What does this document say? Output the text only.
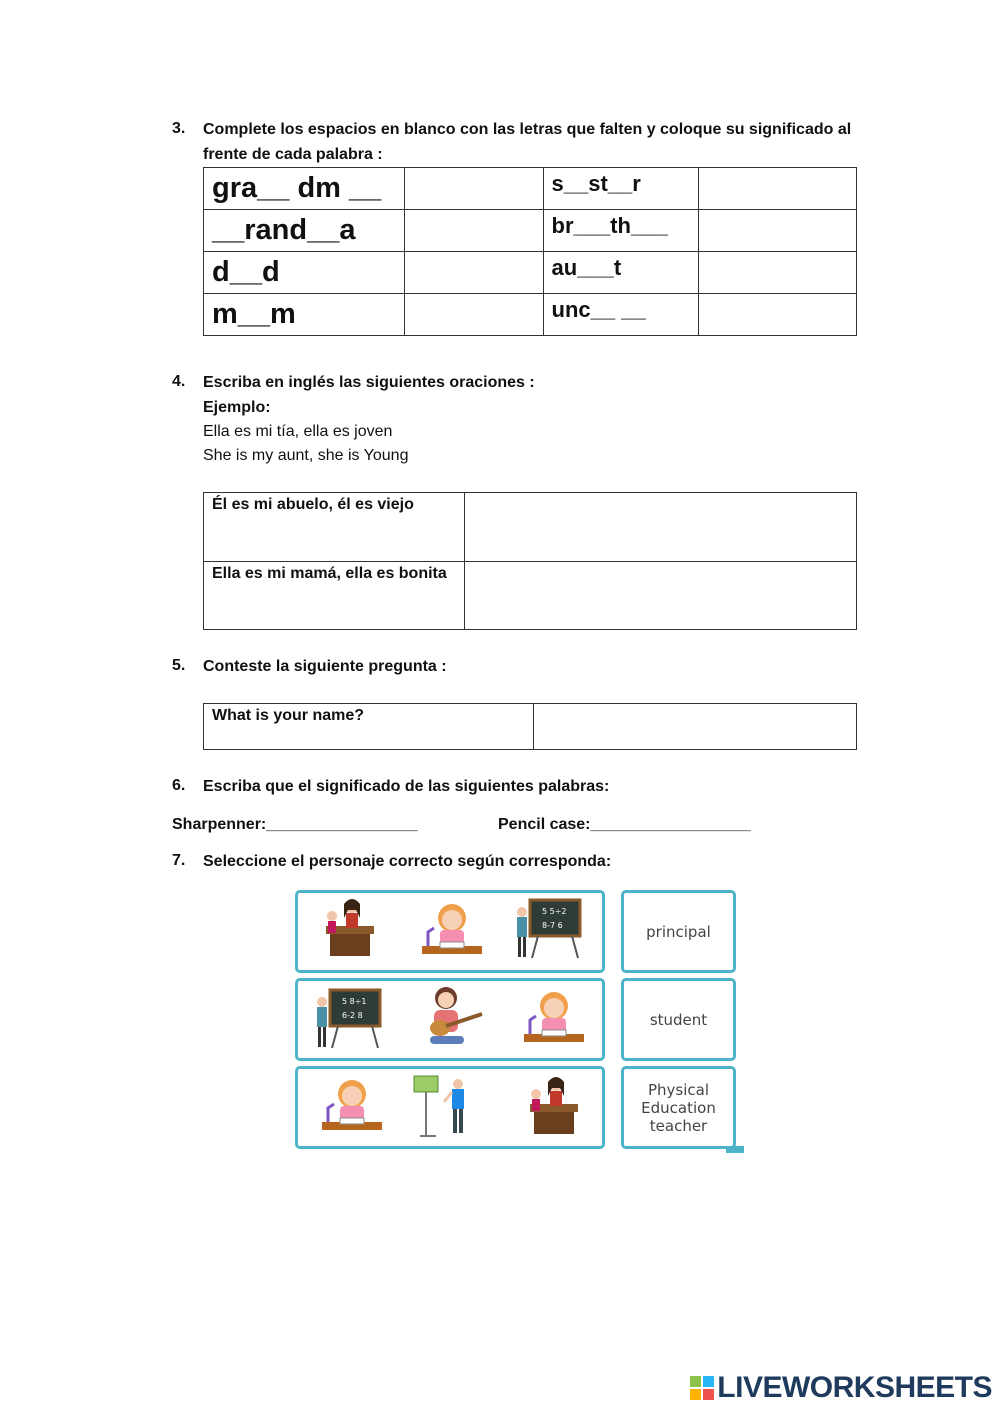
3. Complete los espacios en blanco con las letras que falten y coloque su significado al
frente de cada palabra :
gra__ dm __		s__st__r	

__rand__a		br___th___	

d__d		au___t	

m__m		unc__ __	

4. Escriba en inglés las siguientes oraciones :
Ejemplo:
Ella es mi tía, ella es joven
She is my aunt, she is Young
Él es mi abuelo, él es viejo	

Ella es mi mamá, ella es bonita	

5. Conteste la siguiente pregunta :
What is your name?

6. Escriba que el significado de las siguientes palabras:
Sharpenner:_________________	Pencil case:__________________
7. Seleccione el personaje correcto según corresponda:
principal
student
Physical
Education
teacher
5 5÷2
8-7 6
5 8÷1
6-2 8
LIVEWORKSHEETS
